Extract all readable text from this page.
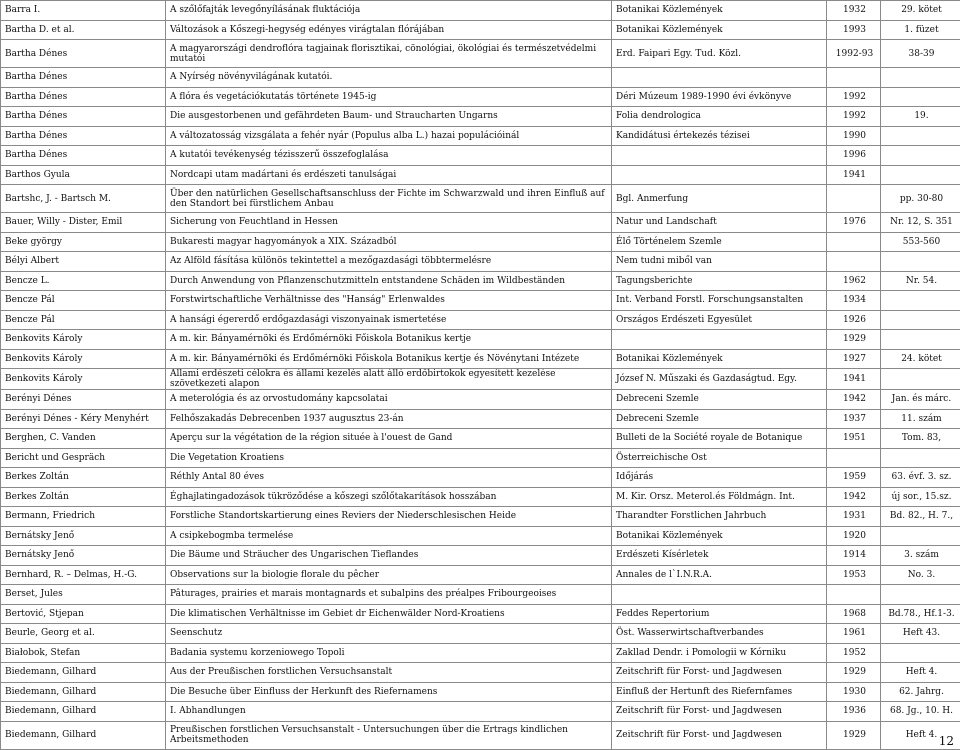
Barra I.	A szőlőfajták levegőnyílásának fluktációja	Botanikai Közlemények	1932	29. kötet
Bartha D. et al.	Változások a Kőszegi-hegység edényes virágtalan flórájában	Botanikai Közlemények	1993	1. füzet
Bartha Dénes	A magyarországi dendroflóra tagjainak florisztikai, cönológiai, ökológiai és természetvédelmi mutatói	Erd. Faipari Egy. Tud. Közl.	1992-93	38-39
Bartha Dénes	A Nyírség növényvilágának kutatói.			
Bartha Dénes	A flóra és vegetációkutatás története 1945-ig	Déri Múzeum 1989-1990 évi évkönyve	1992	
Bartha Dénes	Die ausgestorbenen und gefährdeten Baum- und Straucharten Ungarns	Folia dendrologica	1992	19.
Bartha Dénes	A változatosság vizsgálata a fehér nyár (Populus alba L.) hazai populációinál	Kandidátusi értekezés tézisei	1990	
Bartha Dénes	A kutatói tevékenység tézisszerű összefoglalása		1996	
Barthos Gyula	Nordcapi utam madártani és erdészeti tanulságai		1941	
Bartshc, J. - Bartsch M.	Über den natürlichen Gesellschaftsanschluss der Fichte im Schwarzwald und ihren Einfluß auf den Standort bei fürstlichem Anbau	Bgl. Anmerfung		pp. 30-80
Bauer, Willy - Dister, Emil	Sicherung von Feuchtland in Hessen	Natur und Landschaft	1976	Nr. 12, S. 351
Beke györgy	Bukaresti magyar hagyományok a XIX. Századból	Élő Történelem Szemle		553-560
Bélyi Albert	Az Alföld fásítása különös tekintettel a mezőgazdasági többtermelésre	Nem tudni miből van		
Bencze L.	Durch Anwendung von Pflanzenschutzmitteln entstandene Schäden im Wildbeständen	Tagungsberichte	1962	Nr. 54.
Bencze Pál	Forstwirtschaftliche Verhältnisse des "Hanság" Erlenwaldes	Int. Verband Forstl. Forschungsanstalten	1934	
Bencze Pál	A hansági égererdő erdőgazdasági viszonyainak ismertetése	Országos Erdészeti Egyesület	1926	
Benkovits Károly	A m. kir. Bányamérnöki és Erdőmérnöki Főiskola Botanikus kertje		1929	
Benkovits Károly	A m. kir. Bányamérnöki és Erdőmérnöki Főiskola Botanikus kertje és Növénytani Intézete	Botanikai Közlemények	1927	24. kötet
Benkovits Károly	Állami erdészeti célokra és állami kezelés alatt álló erdőbirtokok egyesített kezelése szövetkezeti alapon	József N. Műszaki és Gazdaságtud. Egy.	1941	
Berényi Dénes	A meterológia és az orvostudomány kapcsolatai	Debreceni Szemle	1942	Jan. és márc.
Berényi Dénes - Kéry Menyhért	Felhőszakadás Debrecenben 1937 augusztus 23-án	Debreceni Szemle	1937	11. szám
Berghen, C. Vanden	Aperçu sur la végétation de la région située à l'ouest de Gand	Bulleti de la Société royale de Botanique	1951	Tom. 83,
Bericht und Gespräch	Die Vegetation Kroatiens	Österreichische Ost		
Berkes Zoltán	Réthly Antal 80 éves	Időjárás	1959	63. évf. 3. sz.
Berkes Zoltán	Éghajlatingadozások tükröződése a kőszegi szőlőtakarítások hosszában	M. Kir. Orsz. Meterol.és Földmágn. Int.	1942	új sor., 15.sz.
Bermann, Friedrich	Forstliche Standortskartierung eines Reviers der Niederschlesischen Heide	Tharandter Forstlichen Jahrbuch	1931	Bd. 82., H. 7.,
Bernátsky Jenő	A csipkebogmba termelése	Botanikai Közlemények	1920	
Bernátsky Jenő	Die Bäume und Sträucher des Ungarischen Tieflandes	Erdészeti Kísérletek	1914	3. szám
Bernhard, R. – Delmas, H.-G.	Observations sur la biologie florale du pêcher	Annales de l`I.N.R.A.	1953	No. 3.
Berset, Jules	Pâturages, prairies et marais montagnards et subalpins des préalpes Fribourgeoises			
Bertović, Stjepan	Die klimatischen Verhältnisse im Gebiet dr Eichenwälder Nord-Kroatiens	Feddes Repertorium	1968	Bd.78., Hf.1-3.
Beurle, Georg et al.	Seenschutz	Öst. Wasserwirtschaftverbandes	1961	Heft 43.
Białobok, Stefan	Badania systemu korzeniowego Topoli	Zakllad Dendr. i Pomologii w Kórniku	1952	
Biedemann, Gilhard	Aus der Preußischen forstlichen Versuchsanstalt	Zeitschrift für Forst- und Jagdwesen	1929	Heft 4.
Biedemann, Gilhard	Die Besuche über Einfluss der Herkunft des Riefernamens	Einfluß der Hertunft des Riefernfames	1930	62. Jahrg.
Biedemann, Gilhard	I. Abhandlungen	Zeitschrift für Forst- und Jagdwesen	1936	68. Jg., 10. H.
Biedemann, Gilhard	Preußischen forstlichen Versuchsanstalt - Untersuchungen über die Ertrags kindlichen Arbeitsmethoden	Zeitschrift für Forst- und Jagdwesen	1929	Heft 4. 12
